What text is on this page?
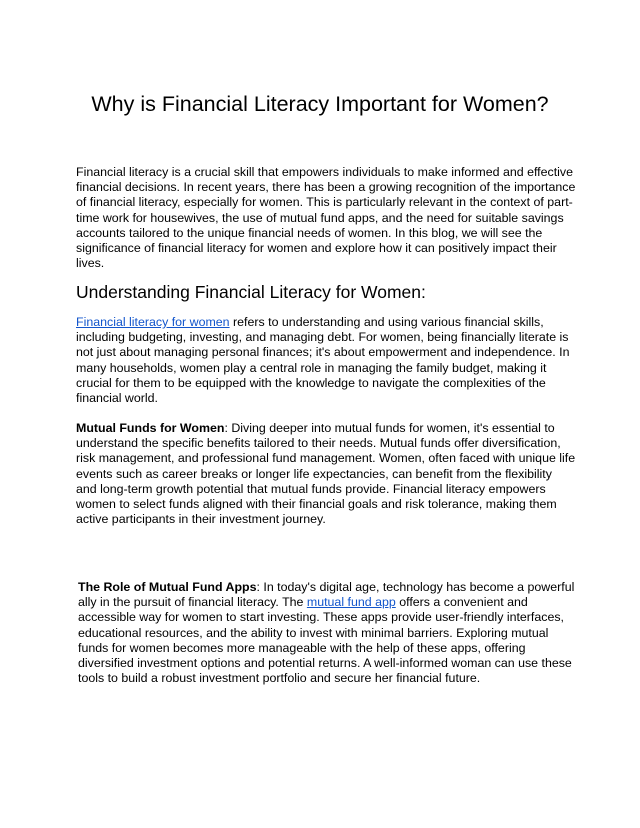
Why is Financial Literacy Important for Women?

Financial literacy is a crucial skill that empowers individuals to make informed and effective financial decisions. In recent years, there has been a growing recognition of the importance of financial literacy, especially for women. This is particularly relevant in the context of part-time work for housewives, the use of mutual fund apps, and the need for suitable savings accounts tailored to the unique financial needs of women. In this blog, we will see the significance of financial literacy for women and explore how it can positively impact their lives.

Understanding Financial Literacy for Women:

Financial literacy for women refers to understanding and using various financial skills, including budgeting, investing, and managing debt. For women, being financially literate is not just about managing personal finances; it's about empowerment and independence. In many households, women play a central role in managing the family budget, making it crucial for them to be equipped with the knowledge to navigate the complexities of the financial world.

Mutual Funds for Women: Diving deeper into mutual funds for women, it's essential to understand the specific benefits tailored to their needs. Mutual funds offer diversification, risk management, and professional fund management. Women, often faced with unique life events such as career breaks or longer life expectancies, can benefit from the flexibility and long-term growth potential that mutual funds provide. Financial literacy empowers women to select funds aligned with their financial goals and risk tolerance, making them active participants in their investment journey.

The Role of Mutual Fund Apps: In today's digital age, technology has become a powerful ally in the pursuit of financial literacy. The mutual fund app offers a convenient and accessible way for women to start investing. These apps provide user-friendly interfaces, educational resources, and the ability to invest with minimal barriers. Exploring mutual funds for women becomes more manageable with the help of these apps, offering diversified investment options and potential returns. A well-informed woman can use these tools to build a robust investment portfolio and secure her financial future.
